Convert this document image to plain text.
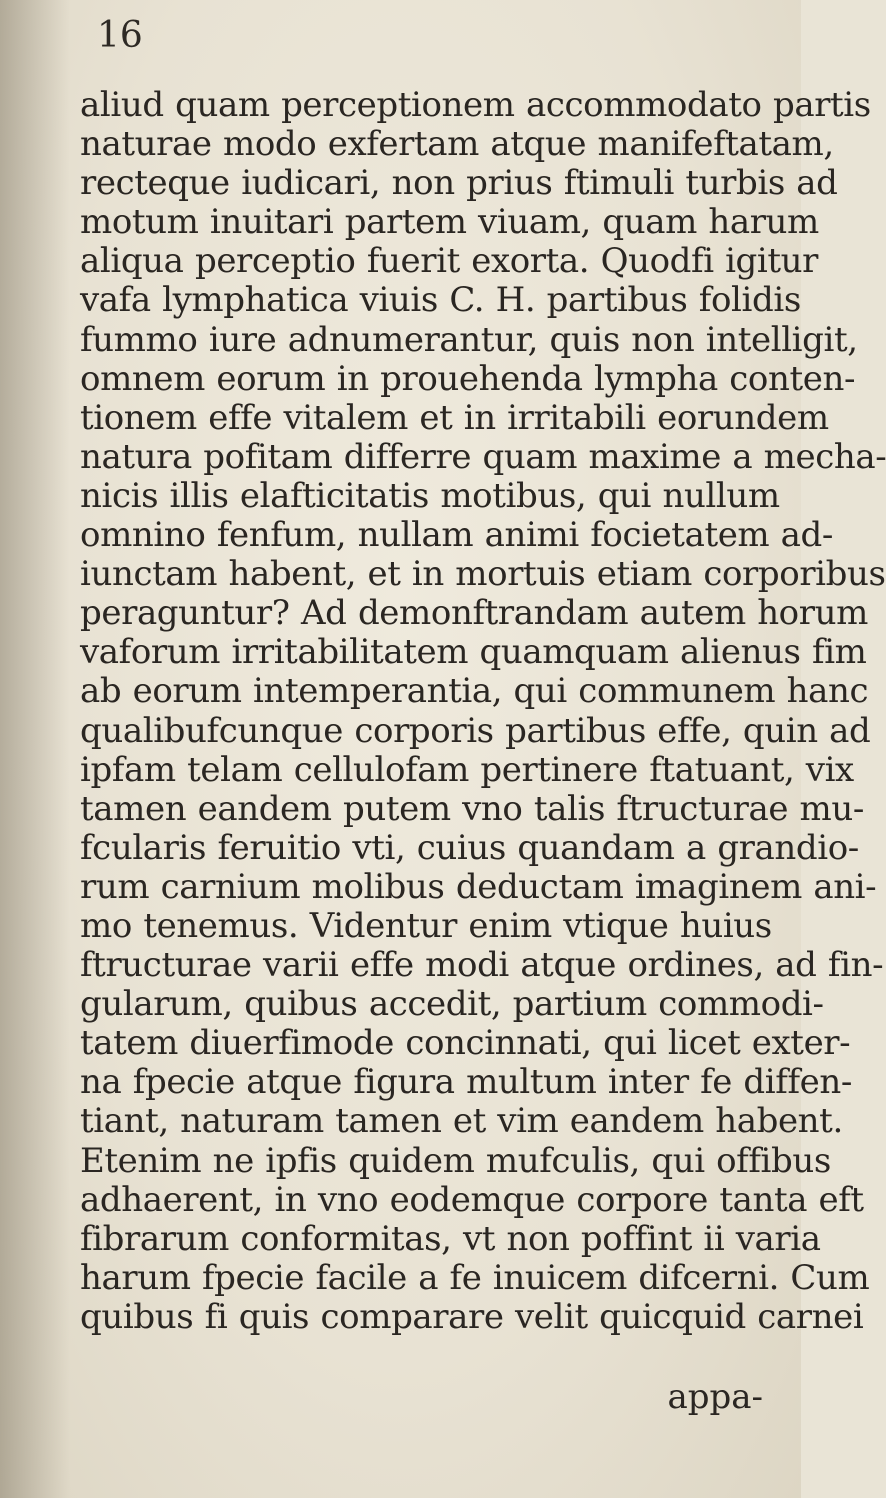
16
aliud quam perceptionem accommodato partis
naturae modo exfertam atque manifeftatam,
recteque iudicari, non prius ftimuli turbis ad
motum inuitari partem viuam, quam harum
aliqua perceptio fuerit exorta. Quodfi igitur
vafa lymphatica viuis C. H. partibus folidis
fummo iure adnumerantur, quis non intelligit,
omnem eorum in prouehenda lympha conten-
tionem effe vitalem et in irritabili eorundem
natura pofitam differre quam maxime a mecha-
nicis illis elafticitatis motibus, qui nullum
omnino fenfum, nullam animi focietatem ad-
iunctam habent, et in mortuis etiam corporibus
peraguntur? Ad demonftrandam autem horum
vaforum irritabilitatem quamquam alienus fim
ab eorum intemperantia, qui communem hanc
qualibufcunque corporis partibus effe, quin ad
ipfam telam cellulofam pertinere ftatuant, vix
tamen eandem putem vno talis ftructurae mu-
fcularis feruitio vti, cuius quandam a grandio-
rum carnium molibus deductam imaginem ani-
mo tenemus. Videntur enim vtique huius
ftructurae varii effe modi atque ordines, ad fin-
gularum, quibus accedit, partium commodi-
tatem diuerfimode concinnati, qui licet exter-
na fpecie atque figura multum inter fe diffen-
tiant, naturam tamen et vim eandem habent.
Etenim ne ipfis quidem mufculis, qui offibus
adhaerent, in vno eodemque corpore tanta eft
fibrarum conformitas, vt non poffint ii varia
harum fpecie facile a fe inuicem difcerni. Cum
quibus fi quis comparare velit quicquid carnei
appa-
